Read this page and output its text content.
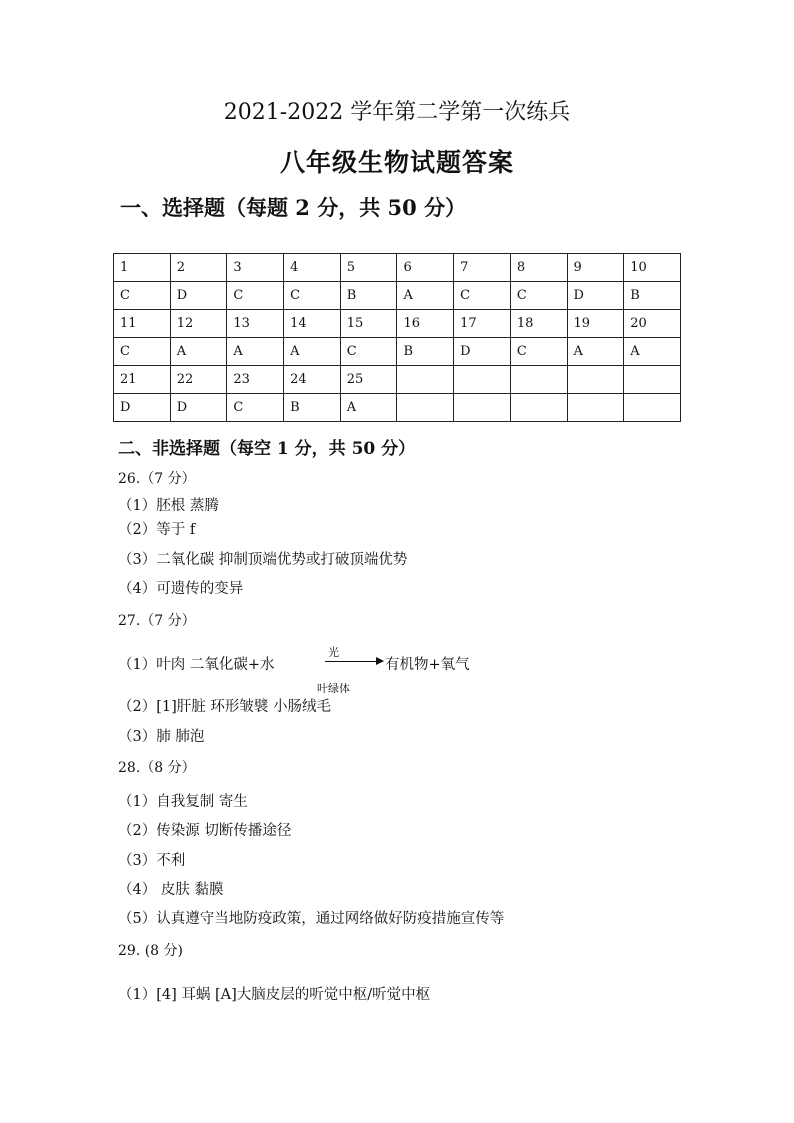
2021-2022 学年第二学第一次练兵
八年级生物试题答案
一、选择题（每题 2 分，共 50 分）
1	2	3	4	5	6	7	8	9	10
C	D	C	C	B	A	C	C	D	B
11	12	13	14	15	16	17	18	19	20
C	A	A	A	C	B	D	C	A	A
21	22	23	24	25					
D	D	C	B	A					
二、非选择题（每空 1 分，共 50 分）
26.（7 分）
（1）胚根 蒸腾
（2）等于 f
（3）二氧化碳 抑制顶端优势或打破顶端优势
（4）可遗传的变异
27.（7 分）
（1）叶肉 二氧化碳+水
光
叶绿体
有机物+氧气
（2）[1]肝脏 环形皱襞 小肠绒毛
（3）肺 肺泡
28.（8 分）
（1）自我复制 寄生
（2）传染源 切断传播途径
（3）不利
（4） 皮肤 黏膜
（5）认真遵守当地防疫政策，通过网络做好防疫措施宣传等
29. (8 分)
（1）[4] 耳蜗 [A]大脑皮层的听觉中枢/听觉中枢
